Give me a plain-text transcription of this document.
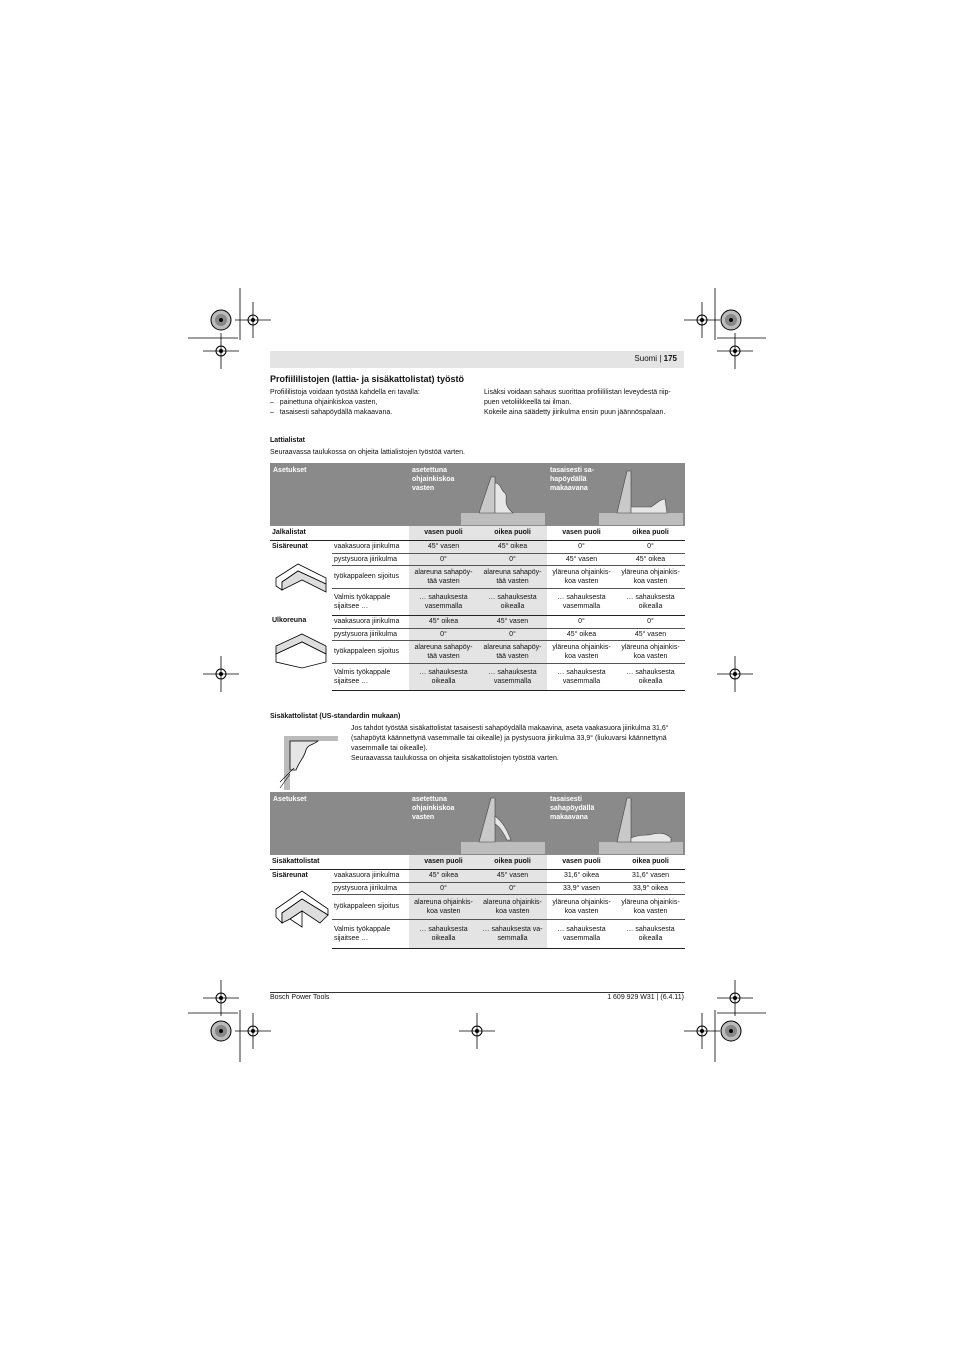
Suomi | 175
Profiililistojen (lattia- ja sisäkattolistat) työstö
Profiililistoja voidaan työstää kahdella eri tavalla:
–   painettuna ohjainkiskoa vasten,
–   tasaisesti sahapöydällä makaavana.
Lisäksi voidaan sahaus suorittaa profiililistan leveydestä riip-
puen vetoliikkeellä tai ilman.
Kokeile aina säädetty jiirikulma ensin puun jäännöspalaan.
Lattialistat
Seuraavassa taulukossa on ohjeita lattialistojen työstöä varten.
Asetukset		asetettuna ohjainkiskoa vasten		tasaisesti sa- hapöydällä makaavana	

Jalkalistat		vasen puoli	oikea puoli	vasen puoli	oikea puoli

Sisäreunat	vaakasuora jiirikulma	45° vasen	45° oikea	0°	0°
	pystysuora jiirikulma	0°	0°	45° vasen	45° oikea
	työkappaleen sijoitus	alareuna sahapöy- tää vasten	alareuna sahapöy- tää vasten	yläreuna ohjainkis- koa vasten	yläreuna ohjainkis- koa vasten
	Valmis työkappale sijaitsee …	… sahauksesta vasemmalla	… sahauksesta oikealla	… sahauksesta vasemmalla	… sahauksesta oikealla

Ulkoreuna	vaakasuora jiirikulma	45° oikea	45° vasen	0°	0°
	pystysuora jiirikulma	0°	0°	45° oikea	45° vasen
	työkappaleen sijoitus	alareuna sahapöy- tää vasten	alareuna sahapöy- tää vasten	yläreuna ohjainkis- koa vasten	yläreuna ohjainkis- koa vasten
	Valmis työkappale sijaitsee …	… sahauksesta oikealla	… sahauksesta vasemmalla	… sahauksesta vasemmalla	… sahauksesta oikealla
Sisäkattolistat (US-standardin mukaan)
Jos tahdot työstää sisäkattolistat tasaisesti sahapöydällä makaavina, aseta vaakasuora jiirikulma 31,6°
(sahapöytä käännettynä vasemmalle tai oikealle) ja pystysuora jiirikulma 33,9° (liukuvarsi käännettynä
vasemmalle tai oikealle).
Seuraavassa taulukossa on ohjeita sisäkattolistojen työstöä varten.
Asetukset		asetettuna ohjainkiskoa vasten		tasaisesti sahapöydällä makaavana	

Sisäkattolistat		vasen puoli	oikea puoli	vasen puoli	oikea puoli

Sisäreunat	vaakasuora jiirikulma	45° oikea	45° vasen	31,6° oikea	31,6° vasen
	pystysuora jiirikulma	0°	0°	33,9° vasen	33,9° oikea
	työkappaleen sijoitus	alareuna ohjainkis- koa vasten	alareuna ohjainkis- koa vasten	yläreuna ohjainkis- koa vasten	yläreuna ohjainkis- koa vasten
	Valmis työkappale sijaitsee …	… sahauksesta oikealla	… sahauksesta va- semmalla	… sahauksesta vasemmalla	… sahauksesta oikealla
Bosch Power Tools	1 609 929 W31 | (6.4.11)
